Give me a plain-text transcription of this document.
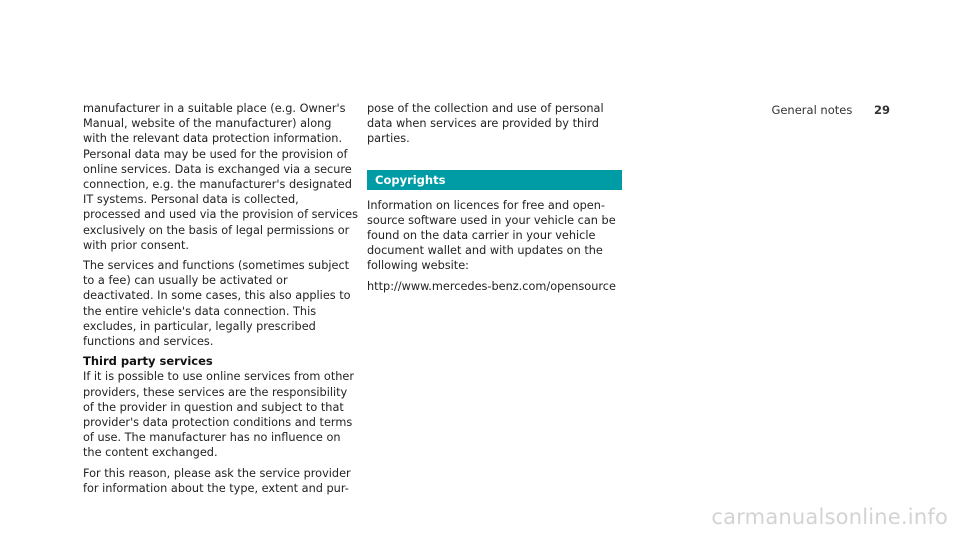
General notes 29

manufacturer in a suitable place (e.g. Owner's Manual, website of the manufacturer) along with the relevant data protection information. Personal data may be used for the provision of online services. Data is exchanged via a secure connection, e.g. the manufacturer's designated IT systems. Personal data is collected, processed and used via the provision of services exclusively on the basis of legal permissions or with prior consent.

The services and functions (sometimes subject to a fee) can usually be activated or deactivated. In some cases, this also applies to the entire vehicle's data connection. This excludes, in particular, legally prescribed functions and services.

Third party services

If it is possible to use online services from other providers, these services are the responsibility of the provider in question and subject to that provider's data protection conditions and terms of use. The manufacturer has no influence on the content exchanged.

For this reason, please ask the service provider for information about the type, extent and pur-

pose of the collection and use of personal data when services are provided by third parties.

Copyrights

Information on licences for free and open-source software used in your vehicle can be found on the data carrier in your vehicle document wallet and with updates on the following website:

http://www.mercedes-benz.com/opensource

carmanualsonline.info
